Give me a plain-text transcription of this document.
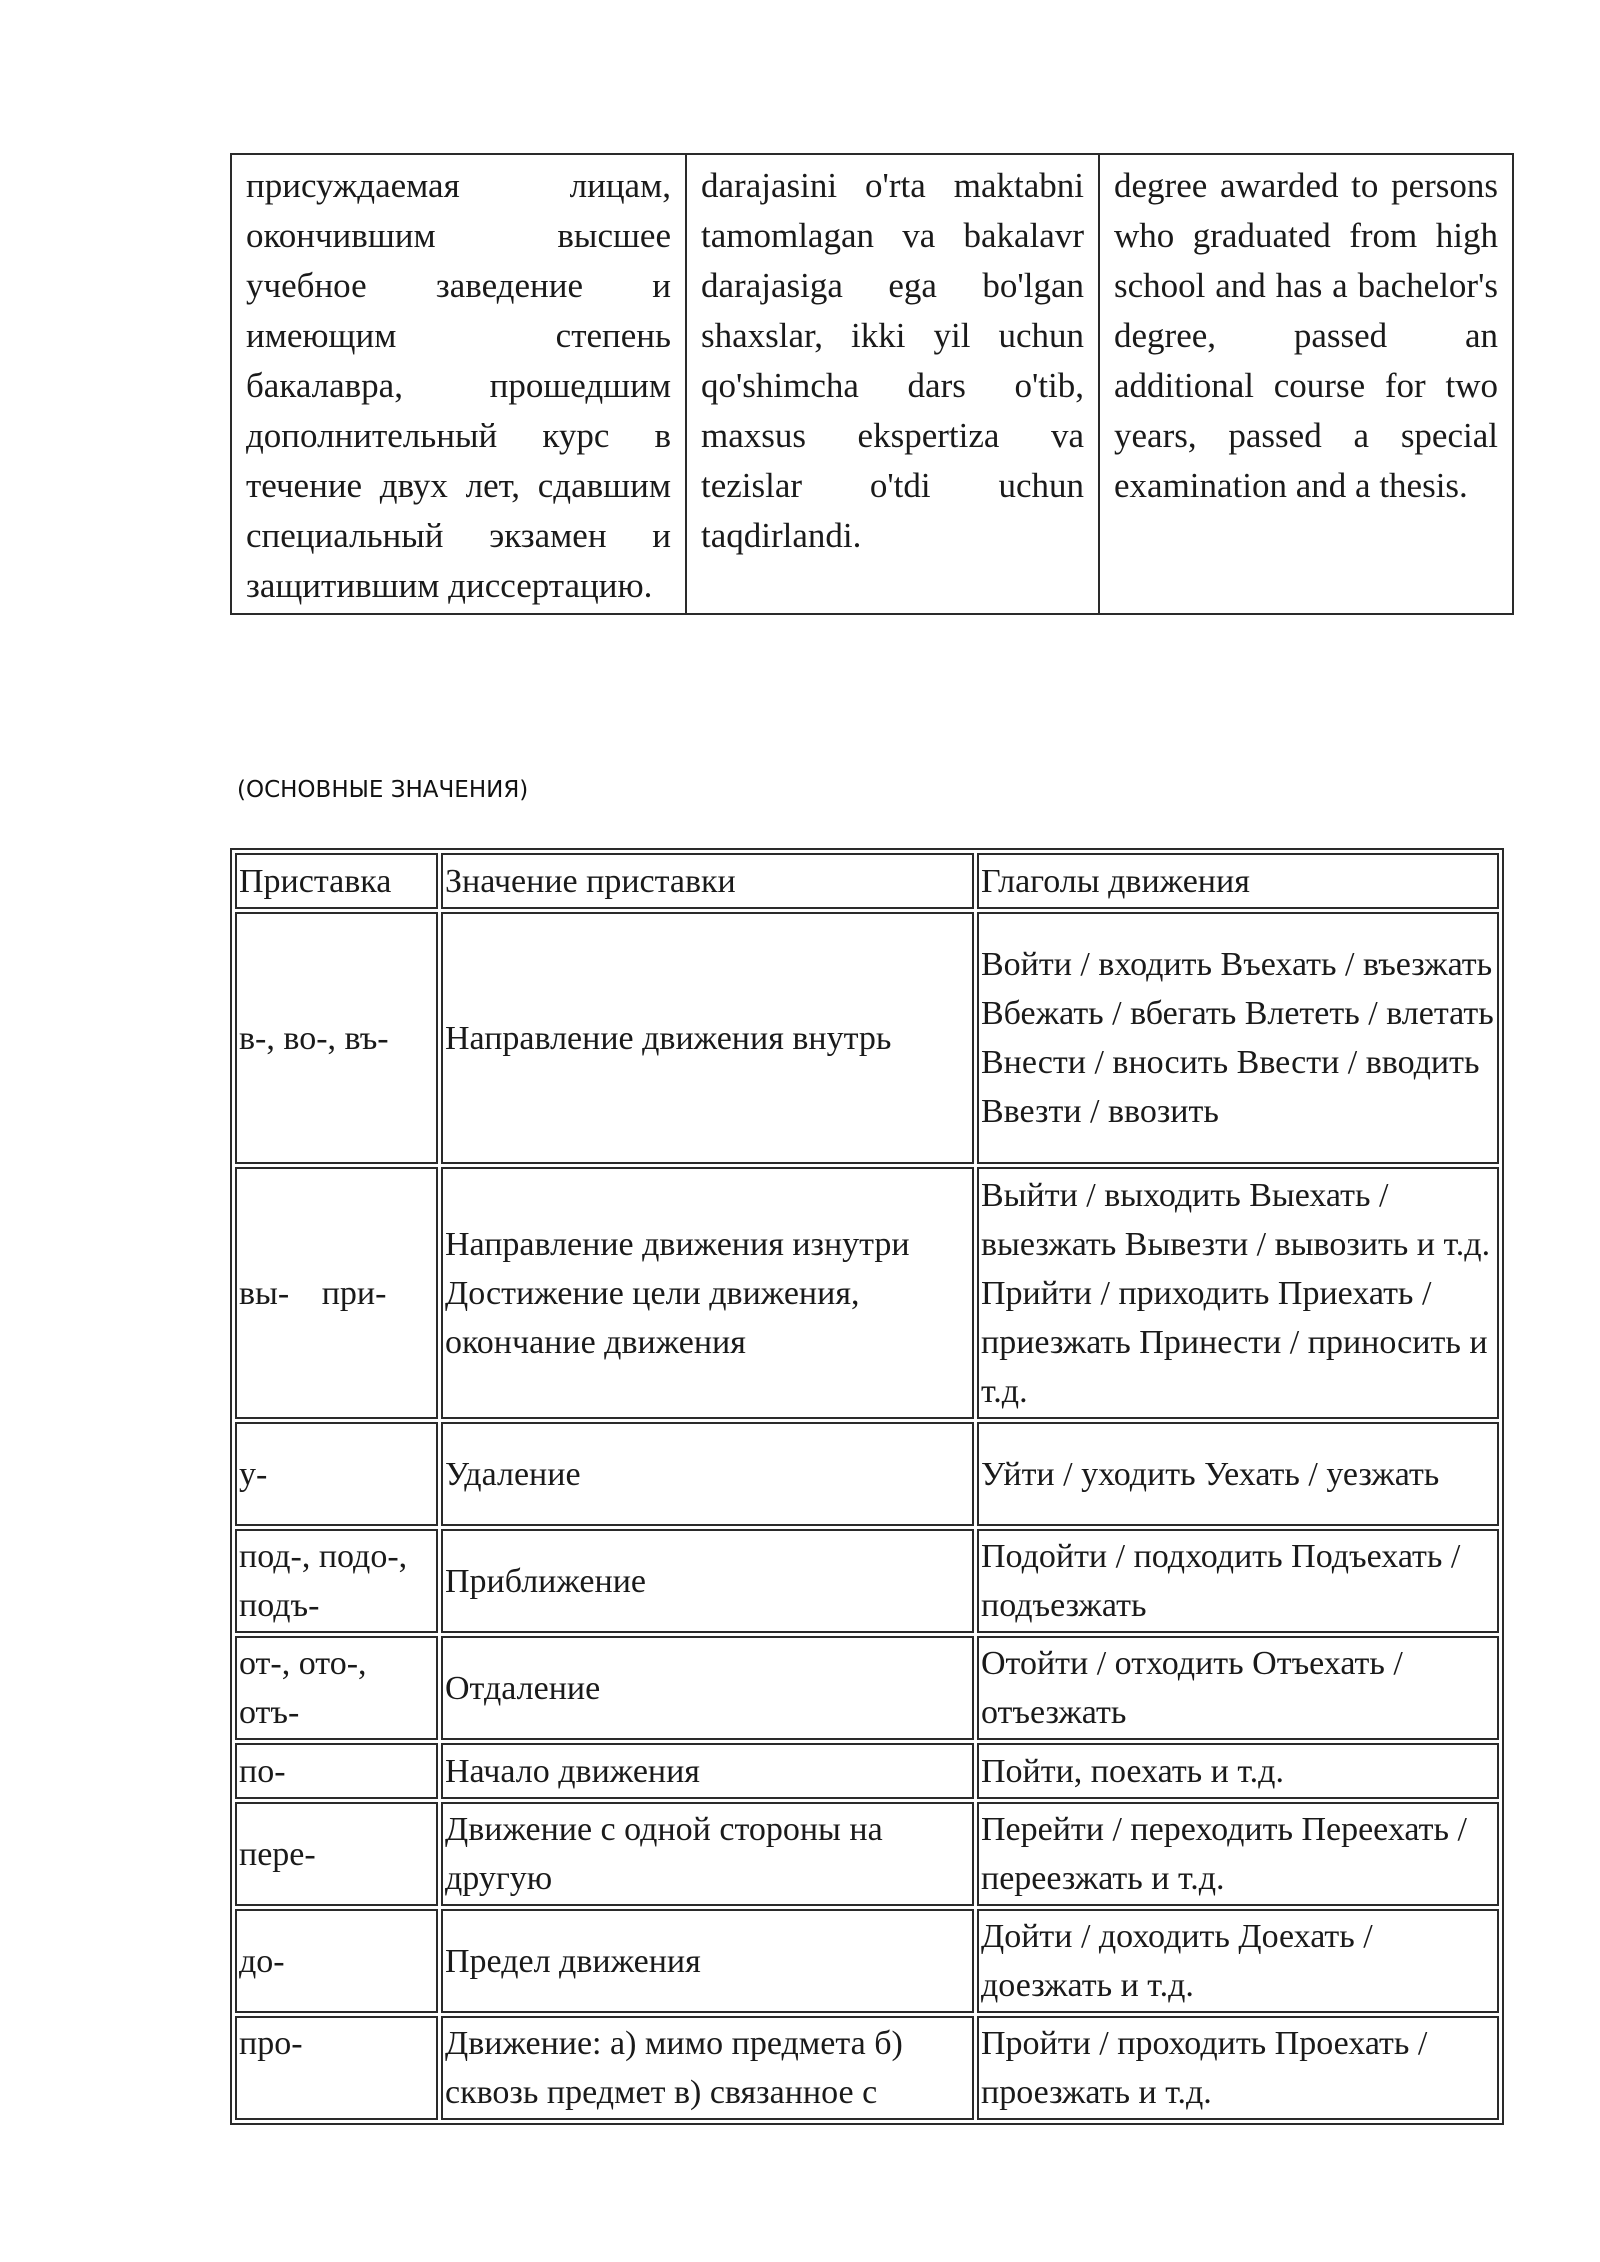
присуждаемая лицам, окончившим высшее учебное заведение и имеющим степень бакалавра, прошедшим дополнительный курс в течение двух лет, сдавшим специальный экзамен и защитившим диссертацию.	darajasini o'rta maktabni tamomlagan va bakalavr darajasiga ega bo'lgan shaxslar, ikki yil uchun qo'shimcha dars o'tib, maxsus ekspertiza va tezislar o'tdi uchun taqdirlandi.	degree awarded to persons who graduated from high school and has a bachelor's degree, passed an additional course for two years, passed a special examination and a thesis.
(ОСНОВНЫЕ ЗНАЧЕНИЯ)
Приставка	Значение приставки	Глаголы движения
в-, во-, въ-	Направление движения внутрь	Войти / входить Въехать / въезжать Вбежать / вбегать Влететь / влетать Внести / вносить Ввести / вводить Ввезти / ввозить
вы- при-	Направление движения изнутри Достижение цели движения, окончание движения	Выйти / выходить Выехать / выезжать Вывезти / вывозить и т.д. Прийти / приходить Приехать / приезжать Принести / приносить и т.д.
у-	Удаление	Уйти / уходить Уехать / уезжать
под-, подо-, подъ-	Приближение	Подойти / подходить Подъехать / подъезжать
от-, ото-, отъ-	Отдаление	Отойти / отходить Отъехать / отъезжать
по-	Начало движения	Пойти, поехать и т.д.
пере-	Движение с одной стороны на другую	Перейти / переходить Переехать / переезжать и т.д.
до-	Предел движения	Дойти / доходить Доехать / доезжать и т.д.
про-	Движение: а) мимо предмета б) сквозь предмет в) связанное с	Пройти / проходить Проехать / проезжать и т.д.
